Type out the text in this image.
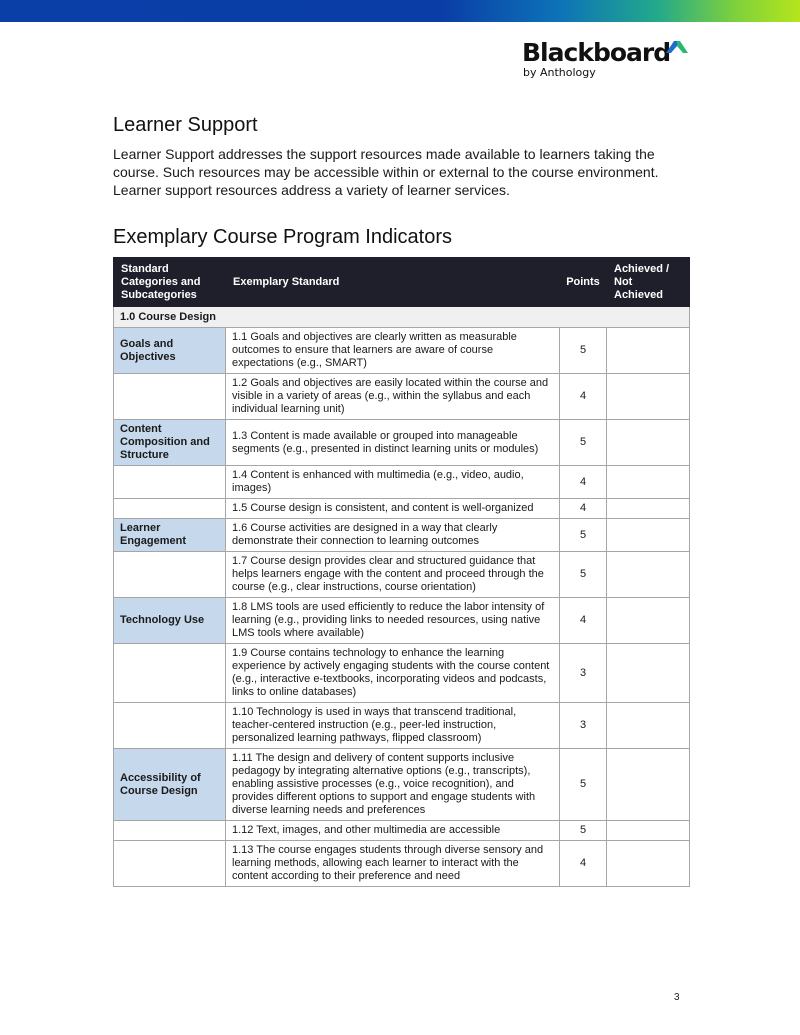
Blackboard
by Anthology
Learner Support

Learner Support addresses the support resources made available to learners taking the course. Such resources may be accessible within or external to the course environment. Learner support resources address a variety of learner services.

Exemplary Course Program Indicators
Standard Categories and Subcategories	Exemplary Standard	Points	Achieved / Not Achieved
1.0 Course Design			
Goals and Objectives	1.1 Goals and objectives are clearly written as measurable outcomes to ensure that learners are aware of course expectations (e.g., SMART)	5	
	1.2 Goals and objectives are easily located within the course and visible in a variety of areas (e.g., within the syllabus and each individual learning unit)	4	
Content Composition and Structure	1.3 Content is made available or grouped into manageable segments (e.g., presented in distinct learning units or modules)	5	
	1.4 Content is enhanced with multimedia (e.g., video, audio, images)	4	
	1.5 Course design is consistent, and content is well-organized	4	
Learner Engagement	1.6 Course activities are designed in a way that clearly demonstrate their connection to learning outcomes	5	
	1.7 Course design provides clear and structured guidance that helps learners engage with the content and proceed through the course (e.g., clear instructions, course orientation)	5	
Technology Use	1.8 LMS tools are used efficiently to reduce the labor intensity of learning (e.g., providing links to needed resources, using native LMS tools where available)	4	
	1.9 Course contains technology to enhance the learning experience by actively engaging students with the course content (e.g., interactive e-textbooks, incorporating videos and podcasts, links to online databases)	3	
	1.10 Technology is used in ways that transcend traditional, teacher-centered instruction (e.g., peer-led instruction, personalized learning pathways, flipped classroom)	3	
Accessibility of Course Design	1.11 The design and delivery of content supports inclusive pedagogy by integrating alternative options (e.g., transcripts), enabling assistive processes (e.g., voice recognition), and provides different options to support and engage students with diverse learning needs and preferences	5	
	1.12 Text, images, and other multimedia are accessible	5	
	1.13 The course engages students through diverse sensory and learning methods, allowing each learner to interact with the content according to their preference and need	4	
3
